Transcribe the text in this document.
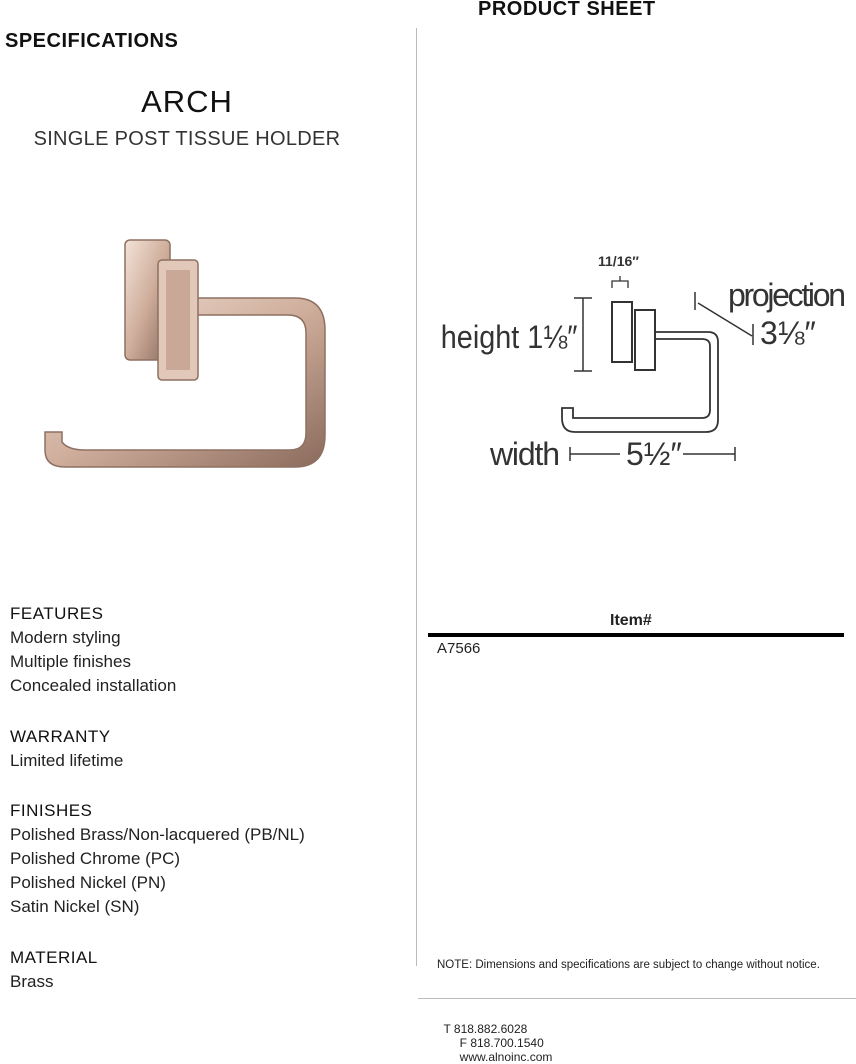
PRODUCT SHEET
SPECIFICATIONS
ARCH
SINGLE POST TISSUE HOLDER
11/16″
height 1⅛″
projection
3⅛″
width 5½″
FEATURES
Modern styling
Multiple finishes
Concealed installation
WARRANTY
Limited lifetime
FINISHES
Polished Brass/Non-lacquered (PB/NL)
Polished Chrome (PC)
Polished Nickel (PN)
Satin Nickel (SN)
MATERIAL
Brass
Item#
A7566
NOTE: Dimensions and specifications are subject to change without notice.

T 818.882.6028
F 818.700.1540
www.alnoinc.com
